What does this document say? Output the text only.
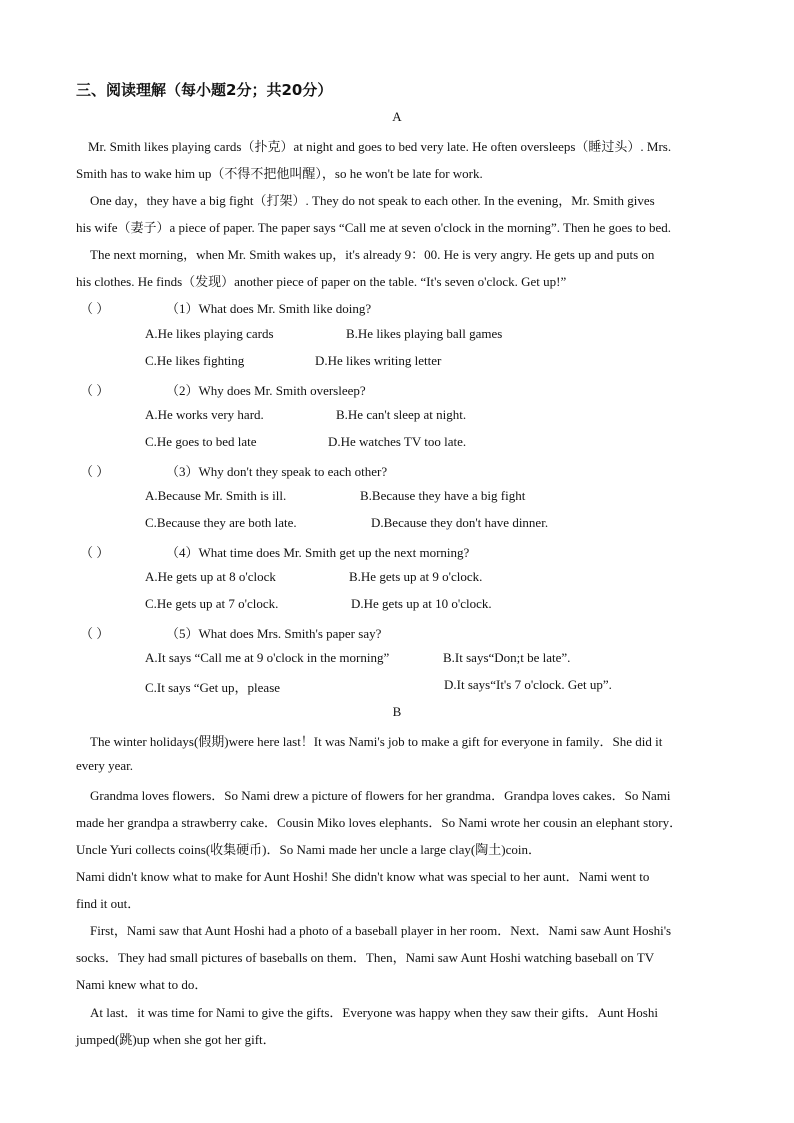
三、阅读理解（每小题2分；共20分）
A
Mr. Smith likes playing cards（扑克）at night and goes to bed very late. He often oversleeps（睡过头）. Mrs.
Smith has to wake him up（不得不把他叫醒），so he won't be late for work.
One day，they have a big fight（打架）. They do not speak to each other. In the evening，Mr. Smith gives
his wife（妻子）a piece of paper. The paper says “Call me at seven o'clock in the morning”. Then he goes to bed.
The next morning，when Mr. Smith wakes up，it's already 9：00. He is very angry. He gets up and puts on
his clothes. He finds（发现）another piece of paper on the table. “It's seven o'clock. Get up!”
（ ）	（1）What does Mr. Smith like doing?
A.He likes playing cards	B.He likes playing ball games
C.He likes fighting	D.He likes writing letter
（ ）	（2）Why does Mr. Smith oversleep?
A.He works very hard.	B.He can't sleep at night.
C.He goes to bed late	D.He watches TV too late.
（ ）	（3）Why don't they speak to each other?
A.Because Mr. Smith is ill.	B.Because they have a big fight
C.Because they are both late.	D.Because they don't have dinner.
（ ）	（4）What time does Mr. Smith get up the next morning?
A.He gets up at 8 o'clock	B.He gets up at 9 o'clock.
C.He gets up at 7 o'clock.	D.He gets up at 10 o'clock.
（ ）	（5）What does Mrs. Smith's paper say?
A.It says “Call me at 9 o'clock in the morning”	B.It says“Don;t be late”.
C.It says “Get up，please	D.It says“It's 7 o'clock. Get up”.
B
The winter holidays(假期)were here last！It was Nami's job to make a gift for everyone in family．She did it
every year.
Grandma loves flowers．So Nami drew a picture of flowers for her grandma．Grandpa loves cakes．So Nami
made her grandpa a strawberry cake．Cousin Miko loves elephants．So Nami wrote her cousin an elephant story．
Uncle Yuri collects coins(收集硬币)．So Nami made her uncle a large clay(陶土)coin．
Nami didn't know what to make for Aunt Hoshi! She didn't know what was special to her aunt．Nami went to
find it out．
First，Nami saw that Aunt Hoshi had a photo of a baseball player in her room．Next．Nami saw Aunt Hoshi's
socks．They had small pictures of baseballs on them．Then，Nami saw Aunt Hoshi watching baseball on TV
Nami knew what to do．
At last．it was time for Nami to give the gifts．Everyone was happy when they saw their gifts．Aunt Hoshi
jumped(跳)up when she got her gift．
